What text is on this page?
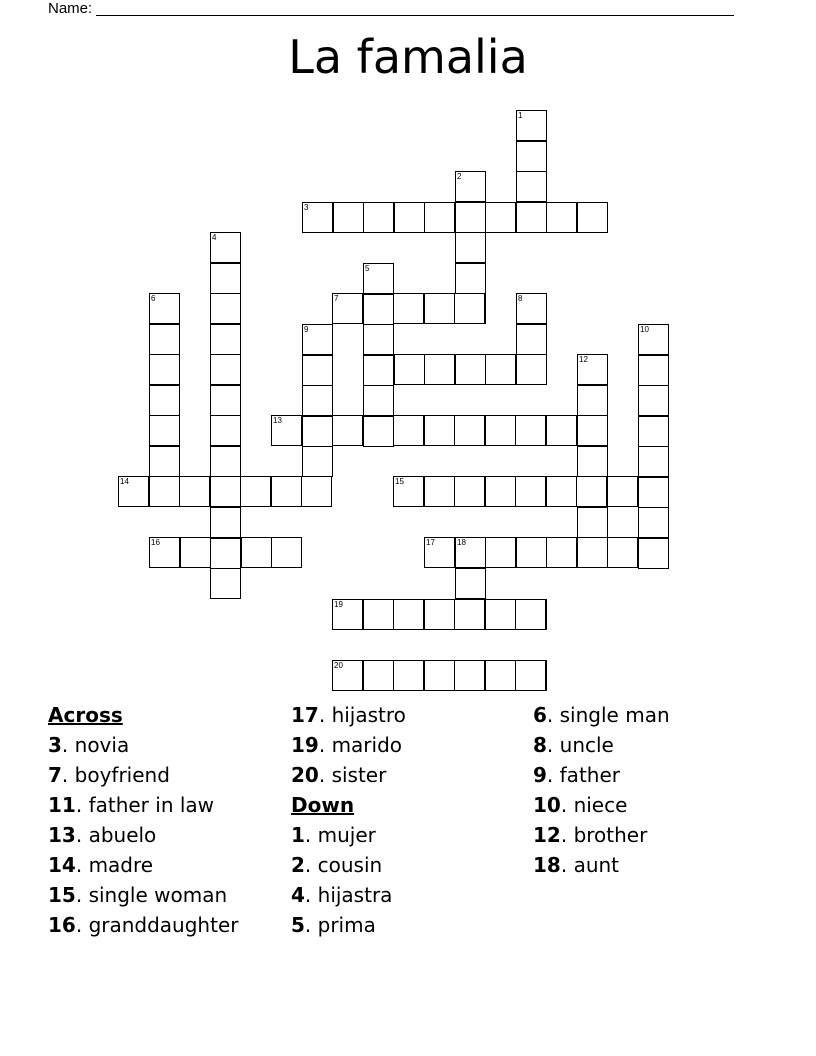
Name:
La famalia
1
2
3
4
5
6	7	8
9	10
12
13
14	15
16	17
19
20
18
Across
3. novia
7. boyfriend
11. father in law
13. abuelo
14. madre
15. single woman
16. granddaughter
17. hijastro
19. marido
20. sister
Down
1. mujer
2. cousin
4. hijastra
5. prima
6. single man
8. uncle
9. father
10. niece
12. brother
18. aunt
